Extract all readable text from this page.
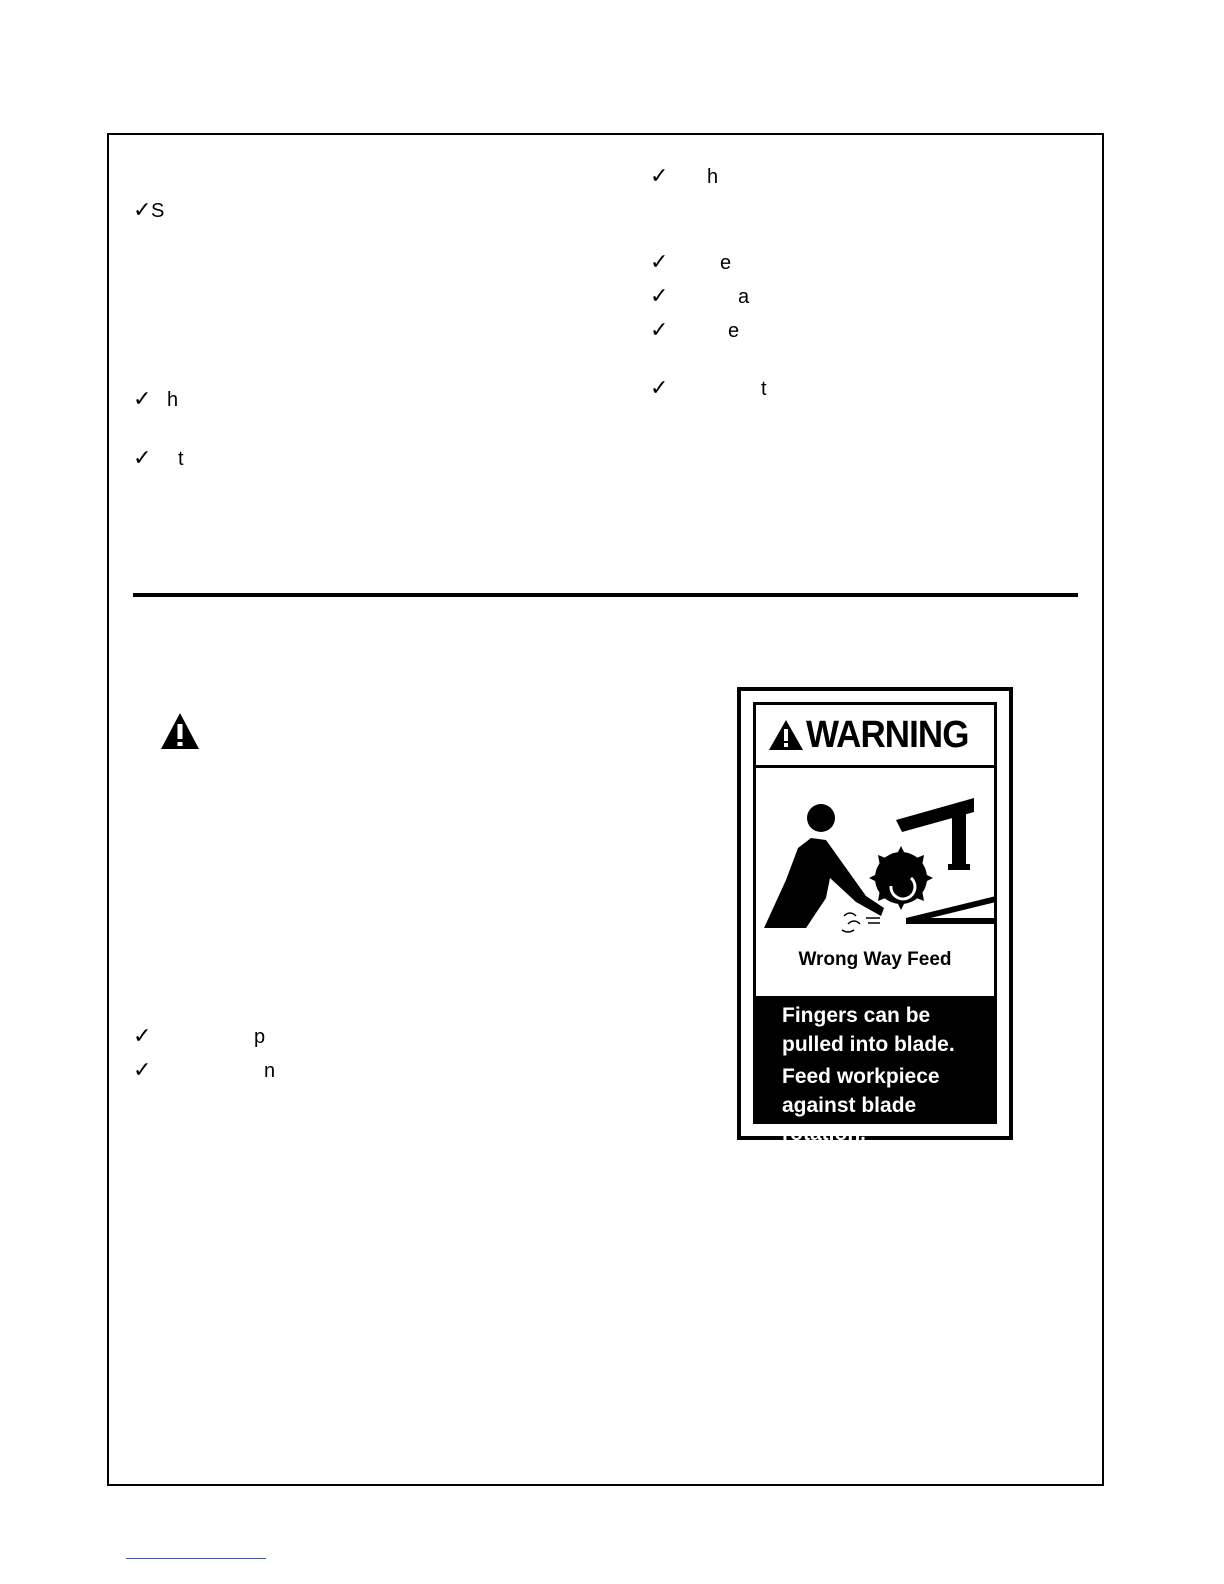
✓S
✓ h
✓ t
✓ h
✓	e
✓	a
✓	e
✓	t
✓	p
✓	n
WARNING
Wrong Way Feed
Fingers can be
pulled into blade.
Feed workpiece
against blade
rotation.
